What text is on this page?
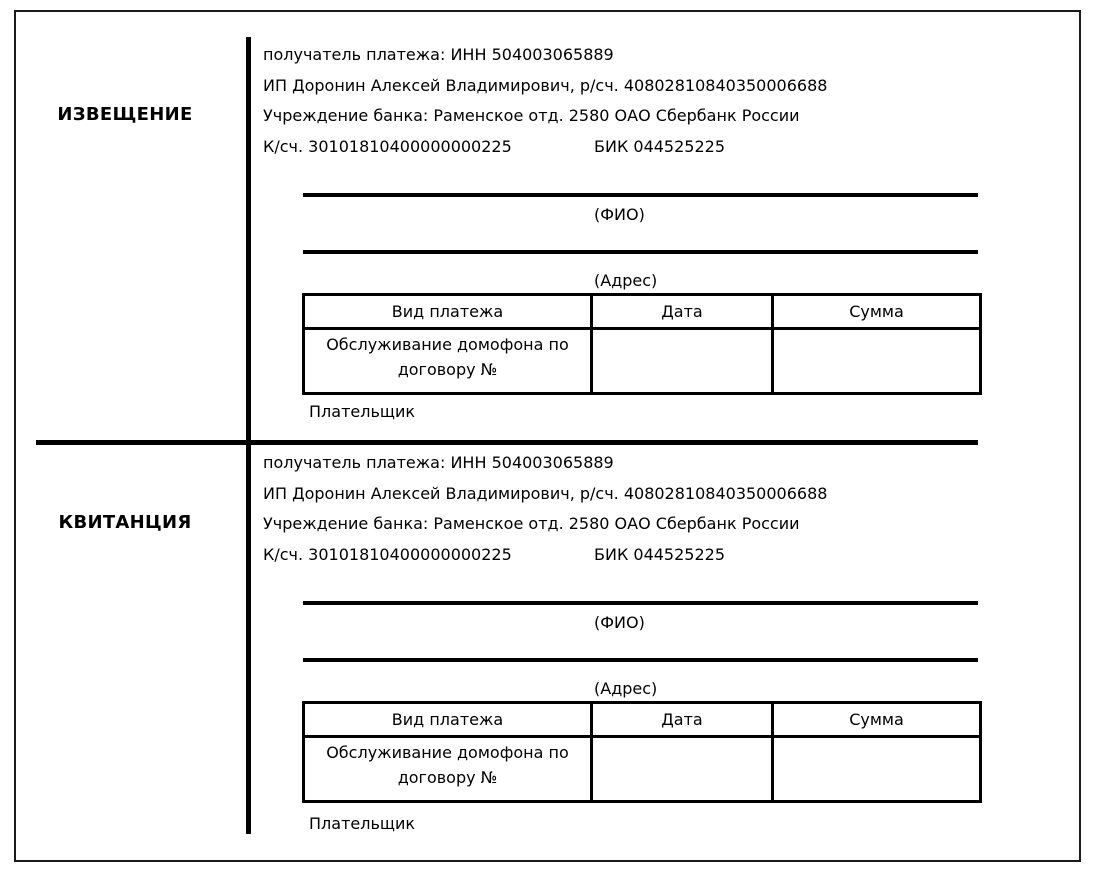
ИЗВЕЩЕНИЕ
получатель платежа: ИНН 504003065889
ИП Доронин Алексей Владимирович, р/сч. 40802810840350006688
Учреждение банка: Раменское отд. 2580 ОАО Сбербанк России
К/сч. 30101810400000000225	БИК 044525225
(ФИО)
(Адрес)
Вид платежа	Дата	Сумма
Обслуживание домофона по договору №		
Плательщик
КВИТАНЦИЯ
получатель платежа: ИНН 504003065889
ИП Доронин Алексей Владимирович, р/сч. 40802810840350006688
Учреждение банка: Раменское отд. 2580 ОАО Сбербанк России
К/сч. 30101810400000000225	БИК 044525225
(ФИО)
(Адрес)
Вид платежа	Дата	Сумма
Обслуживание домофона по договору №		
Плательщик
